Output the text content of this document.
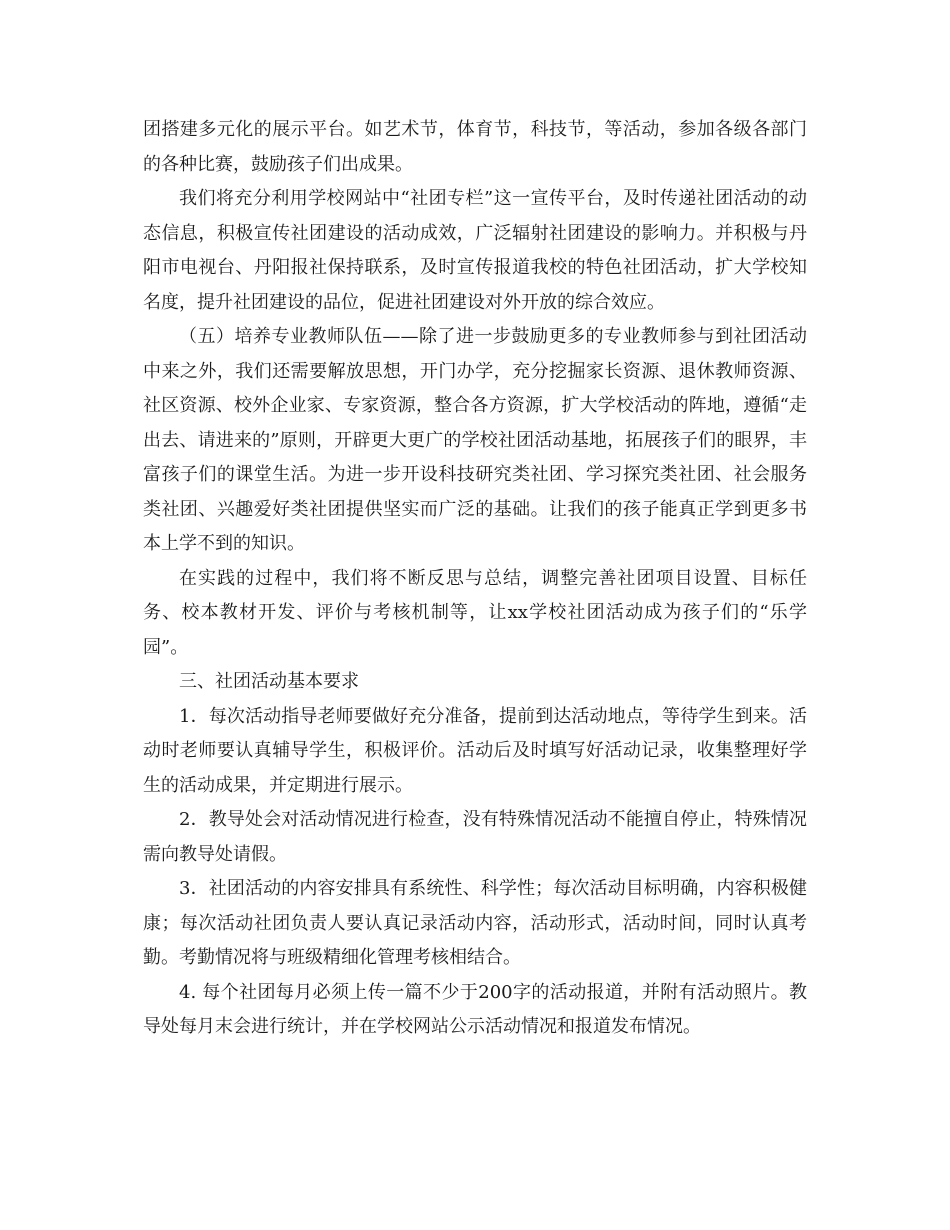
团搭建多元化的展示平台。如艺术节，体育节，科技节，等活动，参加各级各部门的各种比赛，鼓励孩子们出成果。

我们将充分利用学校网站中“社团专栏”这一宣传平台，及时传递社团活动的动态信息，积极宣传社团建设的活动成效，广泛辐射社团建设的影响力。并积极与丹阳市电视台、丹阳报社保持联系，及时宣传报道我校的特色社团活动，扩大学校知名度，提升社团建设的品位，促进社团建设对外开放的综合效应。

（五）培养专业教师队伍——除了进一步鼓励更多的专业教师参与到社团活动中来之外，我们还需要解放思想，开门办学，充分挖掘家长资源、退休教师资源、社区资源、校外企业家、专家资源，整合各方资源，扩大学校活动的阵地，遵循“走出去、请进来的”原则，开辟更大更广的学校社团活动基地，拓展孩子们的眼界，丰富孩子们的课堂生活。为进一步开设科技研究类社团、学习探究类社团、社会服务类社团、兴趣爱好类社团提供坚实而广泛的基础。让我们的孩子能真正学到更多书本上学不到的知识。

在实践的过程中，我们将不断反思与总结，调整完善社团项目设置、目标任务、校本教材开发、评价与考核机制等，让xx学校社团活动成为孩子们的“乐学园”。

三、社团活动基本要求

1．每次活动指导老师要做好充分准备，提前到达活动地点，等待学生到来。活动时老师要认真辅导学生，积极评价。活动后及时填写好活动记录，收集整理好学生的活动成果，并定期进行展示。

2．教导处会对活动情况进行检查，没有特殊情况活动不能擅自停止，特殊情况需向教导处请假。

3．社团活动的内容安排具有系统性、科学性；每次活动目标明确，内容积极健康；每次活动社团负责人要认真记录活动内容，活动形式，活动时间，同时认真考勤。考勤情况将与班级精细化管理考核相结合。

4. 每个社团每月必须上传一篇不少于200字的活动报道，并附有活动照片。教导处每月末会进行统计，并在学校网站公示活动情况和报道发布情况。
